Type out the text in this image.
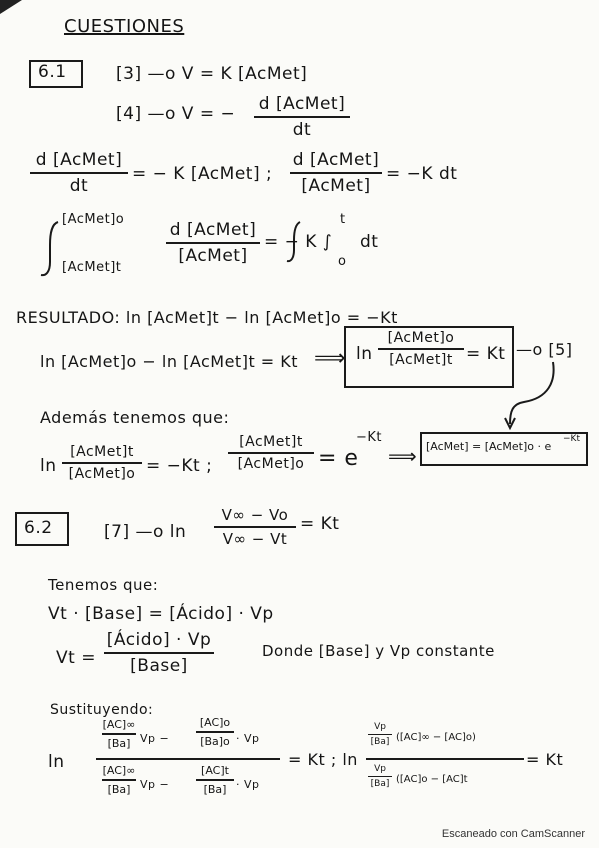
CUESTIONES
6.1	[3] —o V = K [AcMet]
[4] —o V = − d [AcMet]
dt
d [AcMet]
dt
= − K [AcMet] ;
d [AcMet]
[AcMet]
= −K dt
[AcMet]o
[AcMet]t
d [AcMet]
[AcMet]
= − K ∫
t
o
dt
RESULTADO: ln [AcMet]t − ln [AcMet]o = −Kt
ln [AcMet]o − ln [AcMet]t = Kt ⟹ ln
[AcMet]o
[AcMet]t = Kt —o [5]
Además tenemos que:
ln
[AcMet]t
[AcMet]o = −Kt ;
[AcMet]t
[AcMet]o = e
−Kt
⟹ [AcMet] = [AcMet]o · e
−Kt
6.2	[7] —o ln
V∞ − Vo
V∞ − Vt
= Kt
Tenemos que:
Vt · [Base] = [Ácido] · Vp
Vt =
[Ácido] · Vp
[Base]
Donde [Base] y Vp constante
Sustituyendo:
ln
[AC]∞
[Ba] Vp −
[AC]o
[Ba]o · Vp
[AC]∞
[Ba] Vp −
[AC]t
[Ba] · Vp
= Kt ; ln
Vp
[Ba] ([AC]∞ − [AC]o)
Vp
[Ba] ([AC]o − [AC]t
= Kt
Escaneado con CamScanner
